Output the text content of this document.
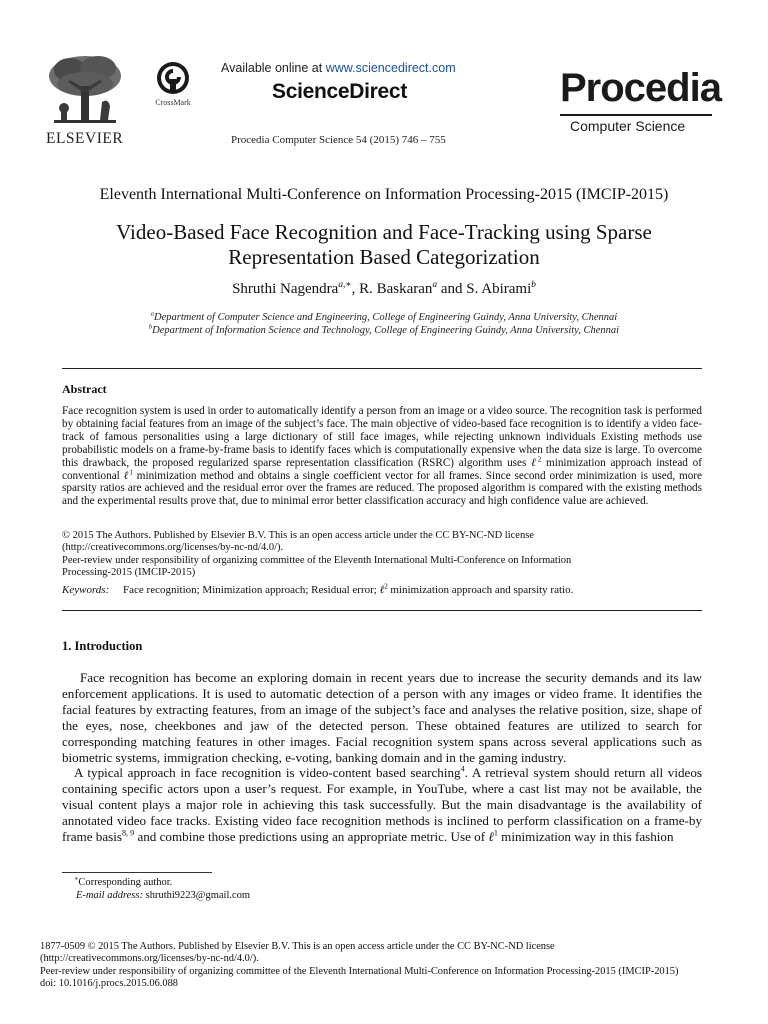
ELSEVIER
CrossMark
Available online at www.sciencedirect.com
ScienceDirect
Procedia Computer Science 54 (2015) 746 – 755
Procedia
Computer Science
Eleventh International Multi-Conference on Information Processing-2015 (IMCIP-2015)
Video-Based Face Recognition and Face-Tracking using Sparse
Representation Based Categorization
Shruthi Nagendra$^{a,∗}$, R. Baskaran$^a$ and S. Abirami$^b$
$^a$Department of Computer Science and Engineering, College of Engineering Guindy, Anna University, Chennai
$^b$Department of Information Science and Technology, College of Engineering Guindy, Anna University, Chennai
Abstract
Face recognition system is used in order to automatically identify a person from an image or a video source. The recognition task is performed by obtaining facial features from an image of the subject’s face. The main objective of video-based face recognition is to identify a video face-track of famous personalities using a large dictionary of still face images, while rejecting unknown individuals Existing methods use probabilistic models on a frame-by-frame basis to identify faces which is computationally expensive when the data size is large. To overcome this drawback, the proposed regularized sparse representation classification (RSRC) algorithm uses ℓ$^2$ minimization approach instead of conventional ℓ$^1$ minimization method and obtains a single coefficient vector for all frames. Since second order minimization is used, more sparsity ratios are achieved and the residual error over the frames are reduced. The proposed algorithm is compared with the existing methods and the experimental results prove that, due to minimal error better classification accuracy and high confidence value are achieved.
© 2015 The Authors. Published by Elsevier B.V. This is an open access article under the CC BY-NC-ND license
(http://creativecommons.org/licenses/by-nc-nd/4.0/).
Peer-review under responsibility of organizing committee of the Eleventh International Multi-Conference on Information
Processing-2015 (IMCIP-2015)
Keywords: Face recognition; Minimization approach; Residual error; ℓ$^2$ minimization approach and sparsity ratio.
1. Introduction
Face recognition has become an exploring domain in recent years due to increase the security demands and its law enforcement applications. It is used to automatic detection of a person with any images or video frame. It identifies the facial features by extracting features, from an image of the subject’s face and analyses the relative position, size, shape of the eyes, nose, cheekbones and jaw of the detected person. These obtained features are utilized to search for corresponding matching features in other images. Facial recognition system spans across several applications such as biometric systems, immigration checking, e-voting, banking domain and in the gaming industry.
A typical approach in face recognition is video-content based searching$^4$. A retrieval system should return all videos containing specific actors upon a user’s request. For example, in YouTube, where a cast list may not be available, the visual content plays a major role in achieving this task successfully. But the main disadvantage is the availability of annotated video face tracks. Existing video face recognition methods is inclined to perform classification on a frame-by frame basis$^{8, 9}$ and combine those predictions using an appropriate metric. Use of ℓ$^1$ minimization way in this fashion
∗Corresponding author.
E-mail address: shruthi9223@gmail.com
1877-0509 © 2015 The Authors. Published by Elsevier B.V. This is an open access article under the CC BY-NC-ND license
(http://creativecommons.org/licenses/by-nc-nd/4.0/).
Peer-review under responsibility of organizing committee of the Eleventh International Multi-Conference on Information Processing-2015 (IMCIP-2015)
doi: 10.1016/j.procs.2015.06.088
